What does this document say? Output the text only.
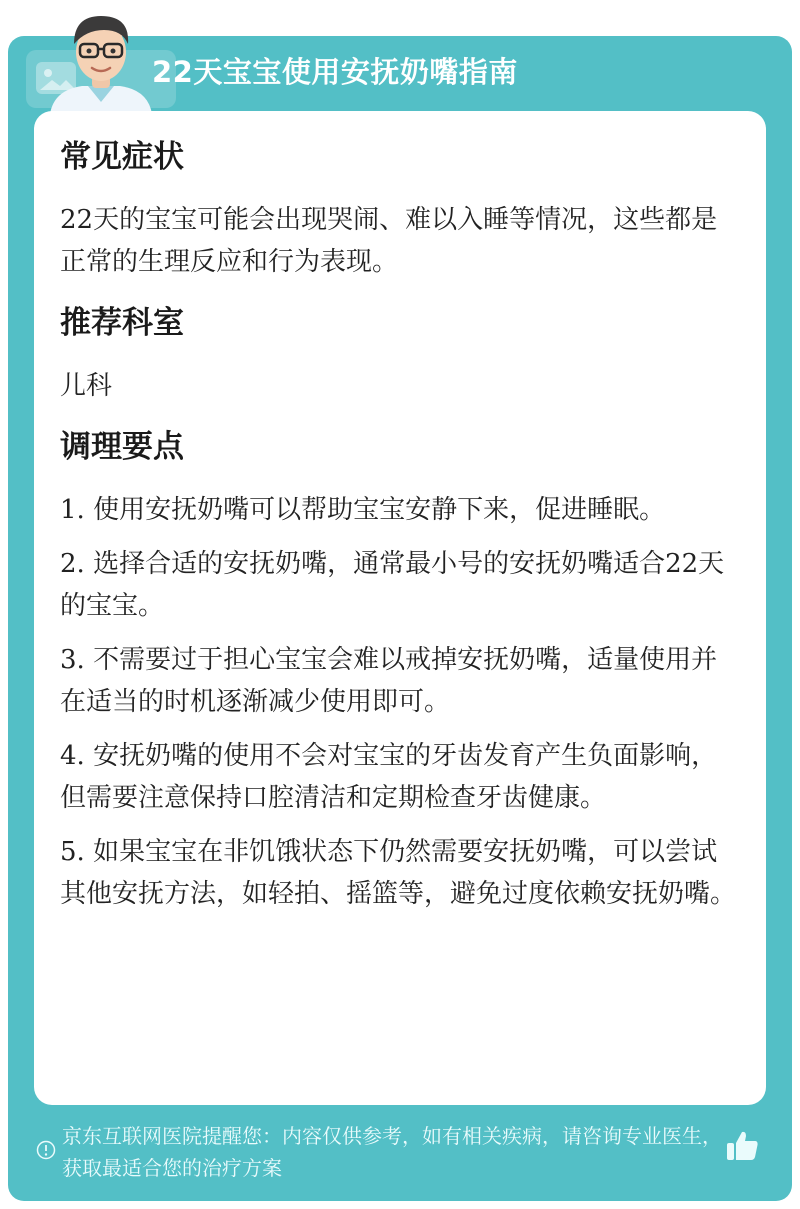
22天宝宝使用安抚奶嘴指南
常见症状

22天的宝宝可能会出现哭闹、难以入睡等情况，这些都是正常的生理反应和行为表现。

推荐科室

儿科

调理要点

1. 使用安抚奶嘴可以帮助宝宝安静下来，促进睡眠。

2. 选择合适的安抚奶嘴，通常最小号的安抚奶嘴适合22天的宝宝。

3. 不需要过于担心宝宝会难以戒掉安抚奶嘴，适量使用并在适当的时机逐渐减少使用即可。

4. 安抚奶嘴的使用不会对宝宝的牙齿发育产生负面影响，但需要注意保持口腔清洁和定期检查牙齿健康。

5. 如果宝宝在非饥饿状态下仍然需要安抚奶嘴，可以尝试其他安抚方法，如轻拍、摇篮等，避免过度依赖安抚奶嘴。

京东互联网医院提醒您：内容仅供参考，如有相关疾病，请咨询专业医生，获取最适合您的治疗方案
